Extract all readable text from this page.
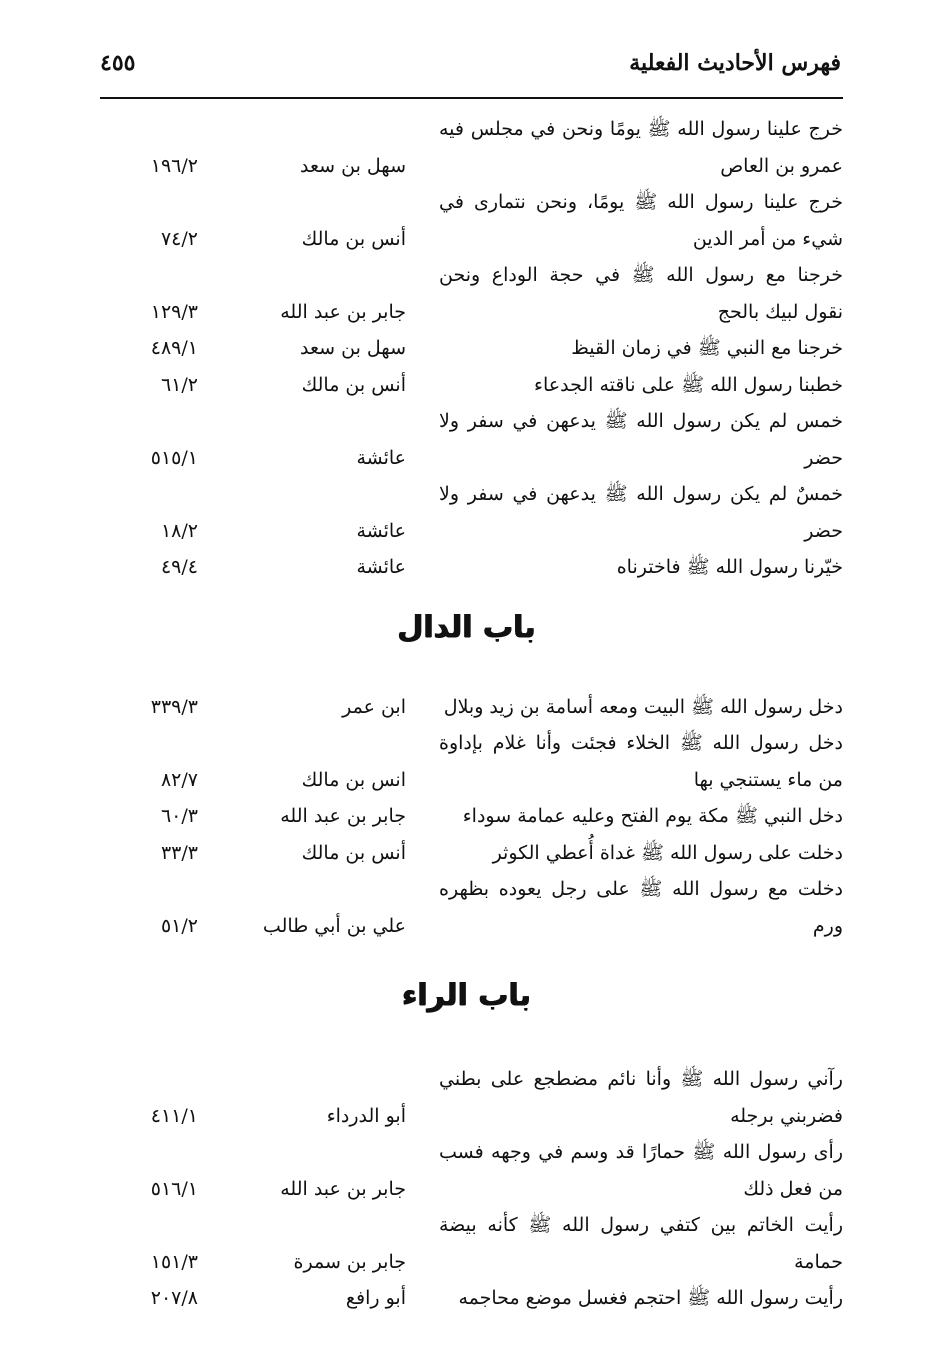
فهرس الأحاديث الفعلية
٤٥٥
خرج علينا رسول الله ﷺ يومًا ونحن في مجلس فيه
عمرو بن العاص
سهل بن سعد
١٩٦/٢
خرج علينا رسول الله ﷺ يومًا، ونحن نتمارى في
شيء من أمر الدين
أنس بن مالك
٧٤/٢
خرجنا مع رسول الله ﷺ في حجة الوداع ونحن
نقول لبيك بالحج
جابر بن عبد الله
١٢٩/٣
خرجنا مع النبي ﷺ في زمان القيظ
سهل بن سعد
٤٨٩/١
خطبنا رسول الله ﷺ على ناقته الجدعاء
أنس بن مالك
٦١/٢
خمس لم يكن رسول الله ﷺ يدعهن في سفر ولا
حضر
عائشة
٥١٥/١
خمسٌ لم يكن رسول الله ﷺ يدعهن في سفر ولا
حضر
عائشة
١٨/٢
خيّرنا رسول الله ﷺ فاخترناه
عائشة
٤٩/٤
باب الدال
دخل رسول الله ﷺ البيت ومعه أسامة بن زيد وبلال
ابن عمر
٣٣٩/٣
دخل رسول الله ﷺ الخلاء فجئت وأنا غلام بإداوة
من ماء يستنجي بها
انس بن مالك
٨٢/٧
دخل النبي ﷺ مكة يوم الفتح وعليه عمامة سوداء
جابر بن عبد الله
٦٠/٣
دخلت على رسول الله ﷺ غداة أُعطي الكوثر
أنس بن مالك
٣٣/٣
دخلت مع رسول الله ﷺ على رجل يعوده بظهره
ورم
علي بن أبي طالب
٥١/٢
باب الراء
رآني رسول الله ﷺ وأنا نائم مضطجع على بطني
فضربني برجله
أبو الدرداء
٤١١/١
رأى رسول الله ﷺ حمارًا قد وسم في وجهه فسب
من فعل ذلك
جابر بن عبد الله
٥١٦/١
رأيت الخاتم بين كتفي رسول الله ﷺ كأنه بيضة
حمامة
جابر بن سمرة
١٥١/٣
رأيت رسول الله ﷺ احتجم فغسل موضع محاجمه
أبو رافع
٢٠٧/٨
